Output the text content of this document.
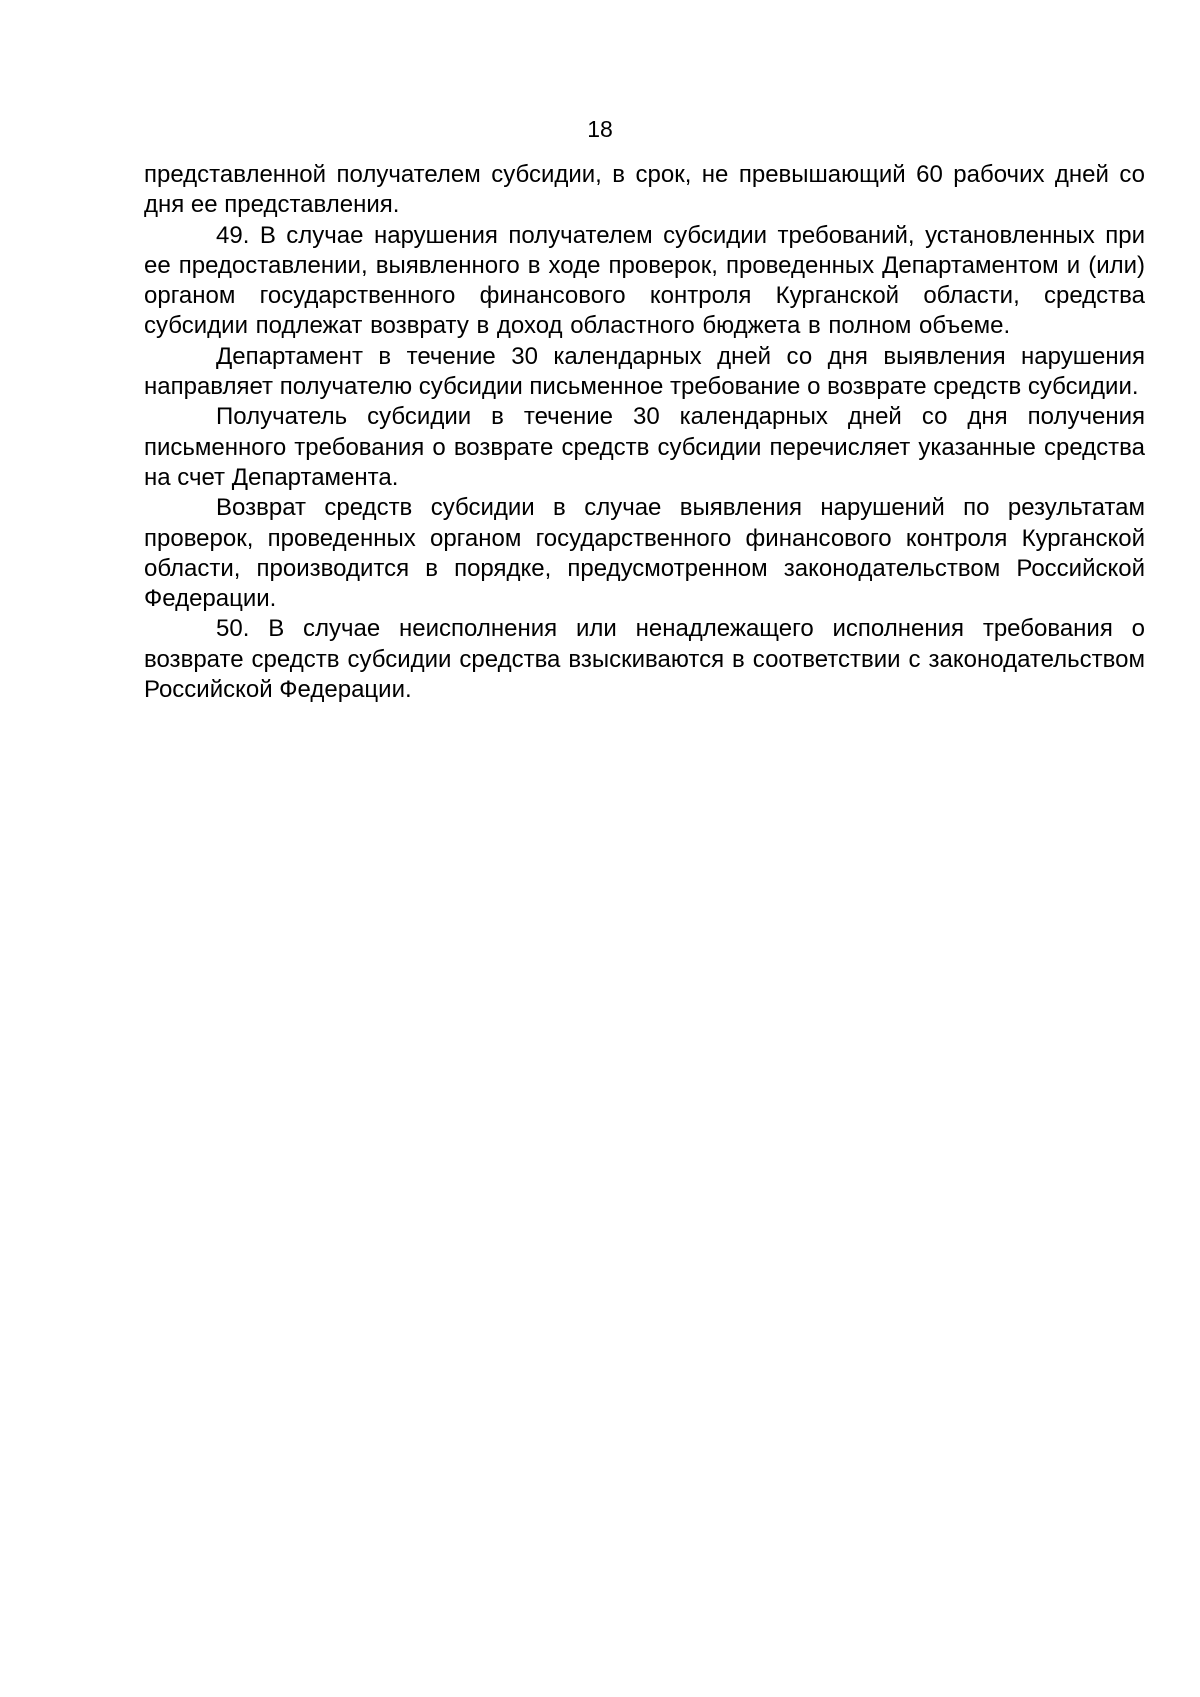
18

представленной получателем субсидии, в срок, не превышающий 60 рабочих дней со дня ее представления.

49. В случае нарушения получателем субсидии требований, установленных при ее предоставлении, выявленного в ходе проверок, проведенных Департаментом и (или) органом государственного финансового контроля Курганской области, средства субсидии подлежат возврату в доход областного бюджета в полном объеме.

Департамент в течение 30 календарных дней со дня выявления нарушения направляет получателю субсидии письменное требование о возврате средств субсидии.

Получатель субсидии в течение 30 календарных дней со дня получения письменного требования о возврате средств субсидии перечисляет указанные средства на счет Департамента.

Возврат средств субсидии в случае выявления нарушений по результатам проверок, проведенных органом государственного финансового контроля Курганской области, производится в порядке, предусмотренном законодательством Российской Федерации.

50. В случае неисполнения или ненадлежащего исполнения требования о возврате средств субсидии средства взыскиваются в соответствии с законодательством Российской Федерации.
